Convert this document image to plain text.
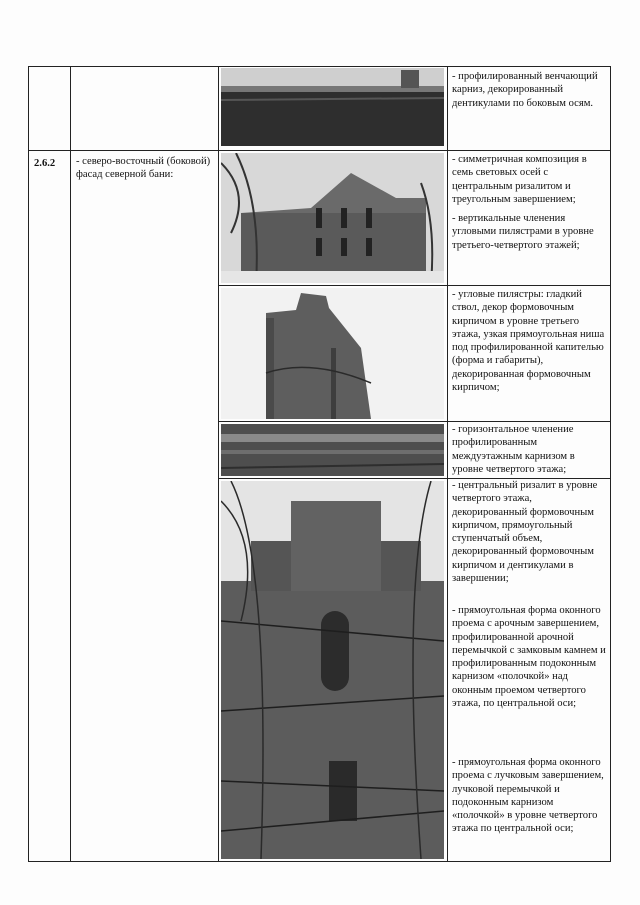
- профилированный венчающий карниз, декорированный дентикулами по боковым осям.
2.6.2	- северо-восточный (боковой) фасад северной бани:
- симметричная композиция в семь световых осей с центральным ризалитом и треугольным завершением;
- вертикальные членения угловыми пилястрами в уровне третьего-четвертого этажей;
- угловые пилястры: гладкий ствол, декор формовочным кирпичом в уровне третьего этажа, узкая прямоугольная ниша под профилированной капителью (форма и габариты), декорированная формовочным кирпичом;
- горизонтальное членение профилированным междуэтажным карнизом в уровне четвертого этажа;
- центральный ризалит в уровне четвертого этажа, декорированный формовочным кирпичом, прямоугольный ступенчатый объем, декорированный формовочным кирпичом и дентикулами в завершении;
- прямоугольная форма оконного проема с арочным завершением, профилированной арочной перемычкой с замковым камнем и профилированным подоконным карнизом «полочкой» над оконным проемом четвертого этажа, по центральной оси;
- прямоугольная форма оконного проема с лучковым завершением, лучковой перемычкой и подоконным карнизом «полочкой» в уровне четвертого этажа по центральной оси;
